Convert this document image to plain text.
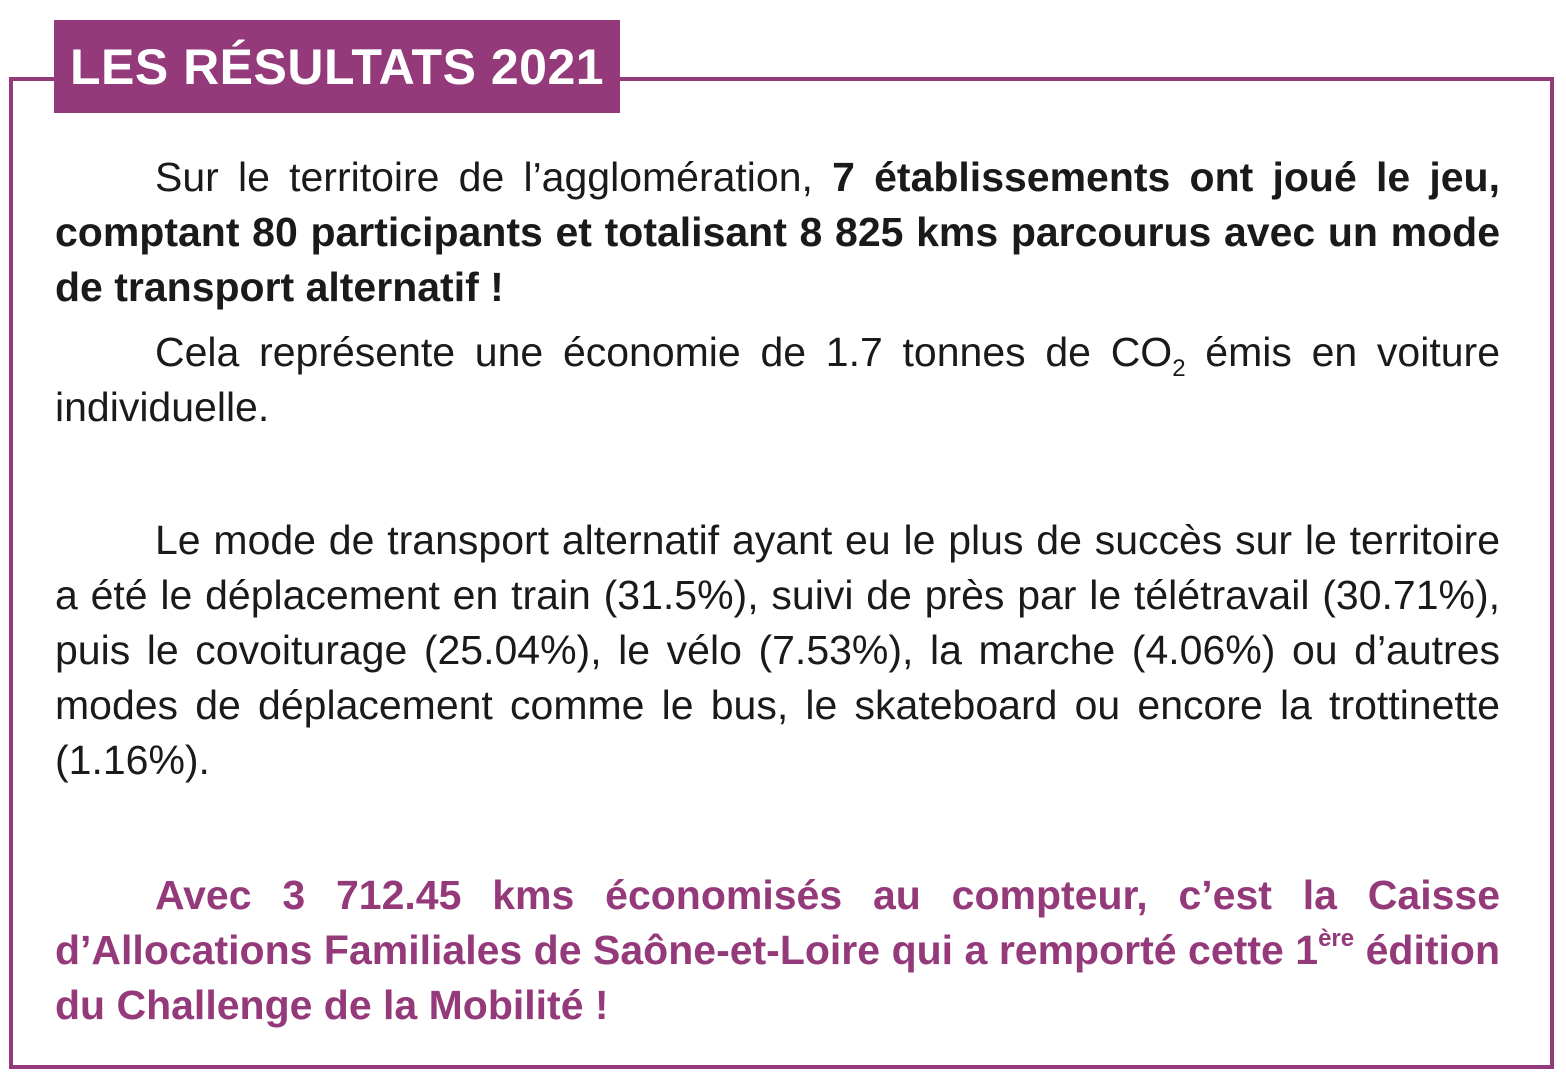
LES RÉSULTATS 2021

Sur le territoire de l’agglomération, 7 établissements ont joué le jeu, comptant 80 participants et totalisant 8 825 kms parcourus avec un mode de transport alternatif !

Cela représente une économie de 1.7 tonnes de $CO_2$ émis en voiture individuelle.

Le mode de transport alternatif ayant eu le plus de succès sur le territoire a été le déplacement en train (31.5%), suivi de près par le télétravail (30.71%), puis le covoiturage (25.04%), le vélo (7.53%), la marche (4.06%) ou d’autres modes de déplacement comme le bus, le skateboard ou encore la trottinette (1.16%).

Avec 3 712.45 kms économisés au compteur, c’est la Caisse d’Allocations Familiales de Saône-et-Loire qui a remporté cette 1ère édition du Challenge de la Mobilité !
